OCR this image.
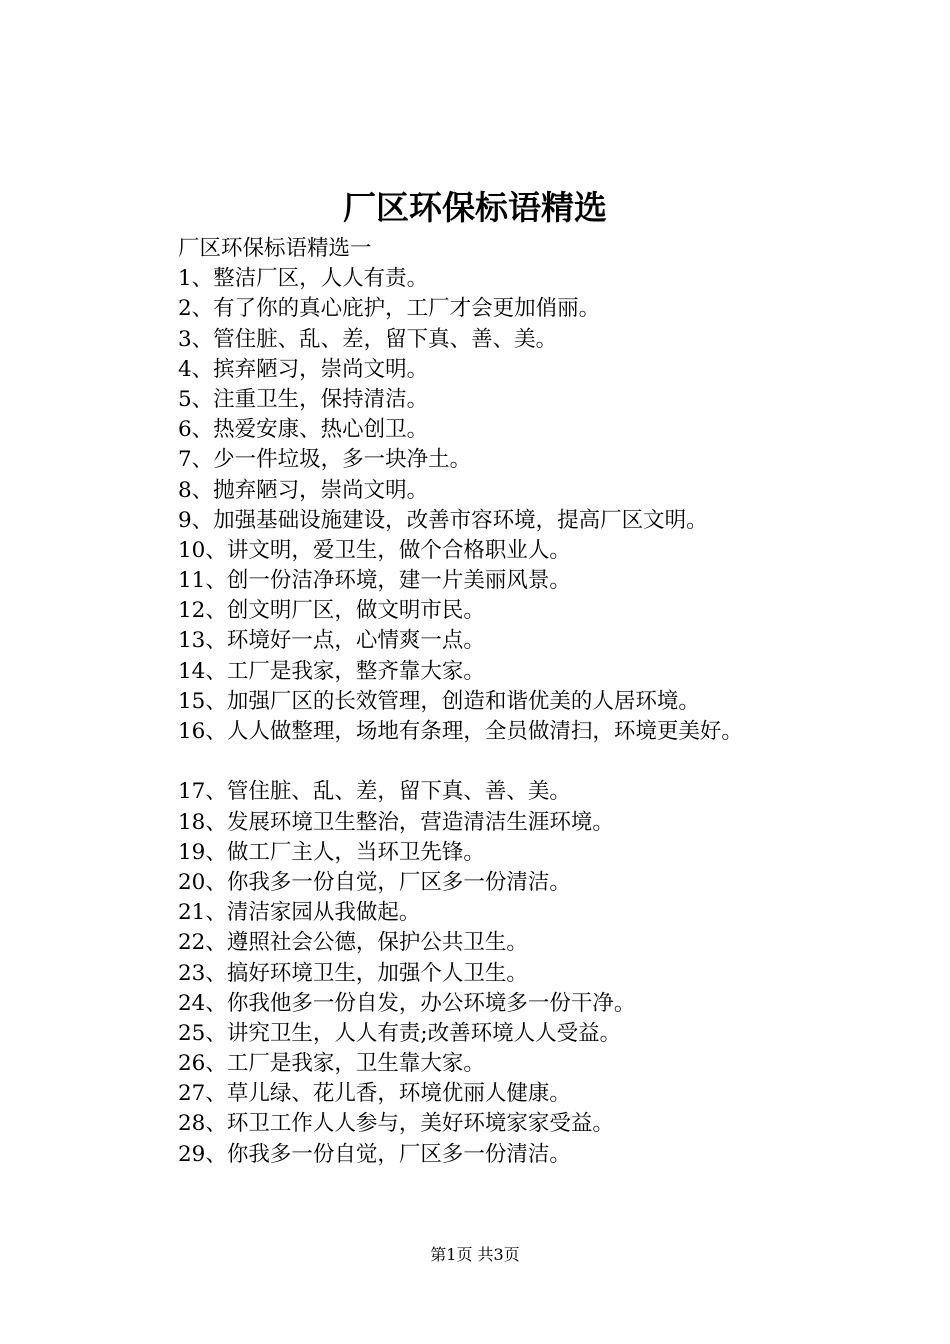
厂区环保标语精选
厂区环保标语精选一
1、整洁厂区，人人有责。
2、有了你的真心庇护，工厂才会更加俏丽。
3、管住脏、乱、差，留下真、善、美。
4、摈弃陋习，崇尚文明。
5、注重卫生，保持清洁。
6、热爱安康、热心创卫。
7、少一件垃圾，多一块净土。
8、抛弃陋习，崇尚文明。
9、加强基础设施建设，改善市容环境，提高厂区文明。
10、讲文明，爱卫生，做个合格职业人。
11、创一份洁净环境，建一片美丽风景。
12、创文明厂区，做文明市民。
13、环境好一点，心情爽一点。
14、工厂是我家，整齐靠大家。
15、加强厂区的长效管理，创造和谐优美的人居环境。
16、人人做整理，场地有条理，全员做清扫，环境更美好。
17、管住脏、乱、差，留下真、善、美。
18、发展环境卫生整治，营造清洁生涯环境。
19、做工厂主人，当环卫先锋。
20、你我多一份自觉，厂区多一份清洁。
21、清洁家园从我做起。
22、遵照社会公德，保护公共卫生。
23、搞好环境卫生，加强个人卫生。
24、你我他多一份自发，办公环境多一份干净。
25、讲究卫生，人人有责;改善环境人人受益。
26、工厂是我家，卫生靠大家。
27、草儿绿、花儿香，环境优丽人健康。
28、环卫工作人人参与，美好环境家家受益。
29、你我多一份自觉，厂区多一份清洁。
第1页 共3页
